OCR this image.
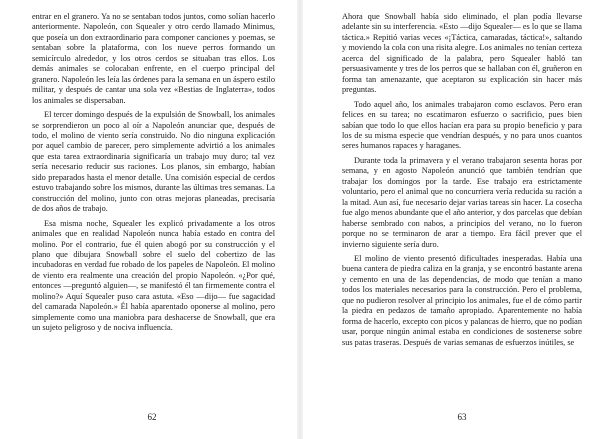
entrar en el granero. Ya no se sentaban todos juntos, como solían hacerlo anteriormente. Napoleón, con Squealer y otro cerdo llamado Minimus, que poseía un don extraordinario para componer canciones y poemas, se sentaban sobre la plataforma, con los nueve perros formando un semicírculo alrededor, y los otros cerdos se situaban tras ellos. Los demás animales se colocaban enfrente, en el cuerpo principal del granero. Napoleón les leía las órdenes para la semana en un áspero estilo militar, y después de cantar una sola vez «Bestias de Inglaterra», todos los animales se dispersaban.

El tercer domingo después de la expulsión de Snowball, los animales se sorprendieron un poco al oír a Napoleón anunciar que, después de todo, el molino de viento sería construido. No dio ninguna explicación por aquel cambio de parecer, pero simplemente advirtió a los animales que esta tarea extraordinaria significaría un trabajo muy duro; tal vez sería necesario reducir sus raciones. Los planos, sin embargo, habían sido preparados hasta el menor detalle. Una comisión especial de cerdos estuvo trabajando sobre los mismos, durante las últimas tres semanas. La construcción del molino, junto con otras mejoras planeadas, precisaría de dos años de trabajo.

Esa misma noche, Squealer les explicó privadamente a los otros animales que en realidad Napoleón nunca había estado en contra del molino. Por el contrario, fue él quien abogó por su construcción y el plano que dibujara Snowball sobre el suelo del cobertizo de las incubadoras en verdad fue robado de los papeles de Napoleón. El molino de viento era realmente una creación del propio Napoleón. «¿Por qué, entonces —preguntó alguien—, se manifestó él tan firmemente contra el molino?» Aquí Squealer puso cara astuta. «Eso —dijo— fue sagacidad del camarada Napoleón.» Él había aparentado oponerse al molino, pero simplemente como una maniobra para deshacerse de Snowball, que era un sujeto peligroso y de nociva influencia.

62

Ahora que Snowball había sido eliminado, el plan podía llevarse adelante sin su interferencia. «Esto —dijo Squealer— es lo que se llama táctica.» Repitió varias veces «¡Táctica, camaradas, táctica!», saltando y moviendo la cola con una risita alegre. Los animales no tenían certeza acerca del significado de la palabra, pero Squealer habló tan persuasivamente y tres de los perros que se hallaban con él, gruñeron en forma tan amenazante, que aceptaron su explicación sin hacer más preguntas.

Todo aquel año, los animales trabajaron como esclavos. Pero eran felices en su tarea; no escatimaron esfuerzo o sacrificio, pues bien sabían que todo lo que ellos hacían era para su propio beneficio y para los de su misma especie que vendrían después, y no para unos cuantos seres humanos rapaces y haraganes.

Durante toda la primavera y el verano trabajaron sesenta horas por semana, y en agosto Napoleón anunció que también tendrían que trabajar los domingos por la tarde. Ese trabajo era estrictamente voluntario, pero el animal que no concurriera vería reducida su ración a la mitad. Aun así, fue necesario dejar varias tareas sin hacer. La cosecha fue algo menos abundante que el año anterior, y dos parcelas que debían haberse sembrado con nabos, a principios del verano, no lo fueron porque no se terminaron de arar a tiempo. Era fácil prever que el invierno siguiente sería duro.

El molino de viento presentó dificultades inesperadas. Había una buena cantera de piedra caliza en la granja, y se encontró bastante arena y cemento en una de las dependencias, de modo que tenían a mano todos los materiales necesarios para la construcción. Pero el problema, que no pudieron resolver al principio los animales, fue el de cómo partir la piedra en pedazos de tamaño apropiado. Aparentemente no había forma de hacerlo, excepto con picos y palancas de hierro, que no podían usar, porque ningún animal estaba en condiciones de sostenerse sobre sus patas traseras. Después de varias semanas de esfuerzos inútiles, se

63
